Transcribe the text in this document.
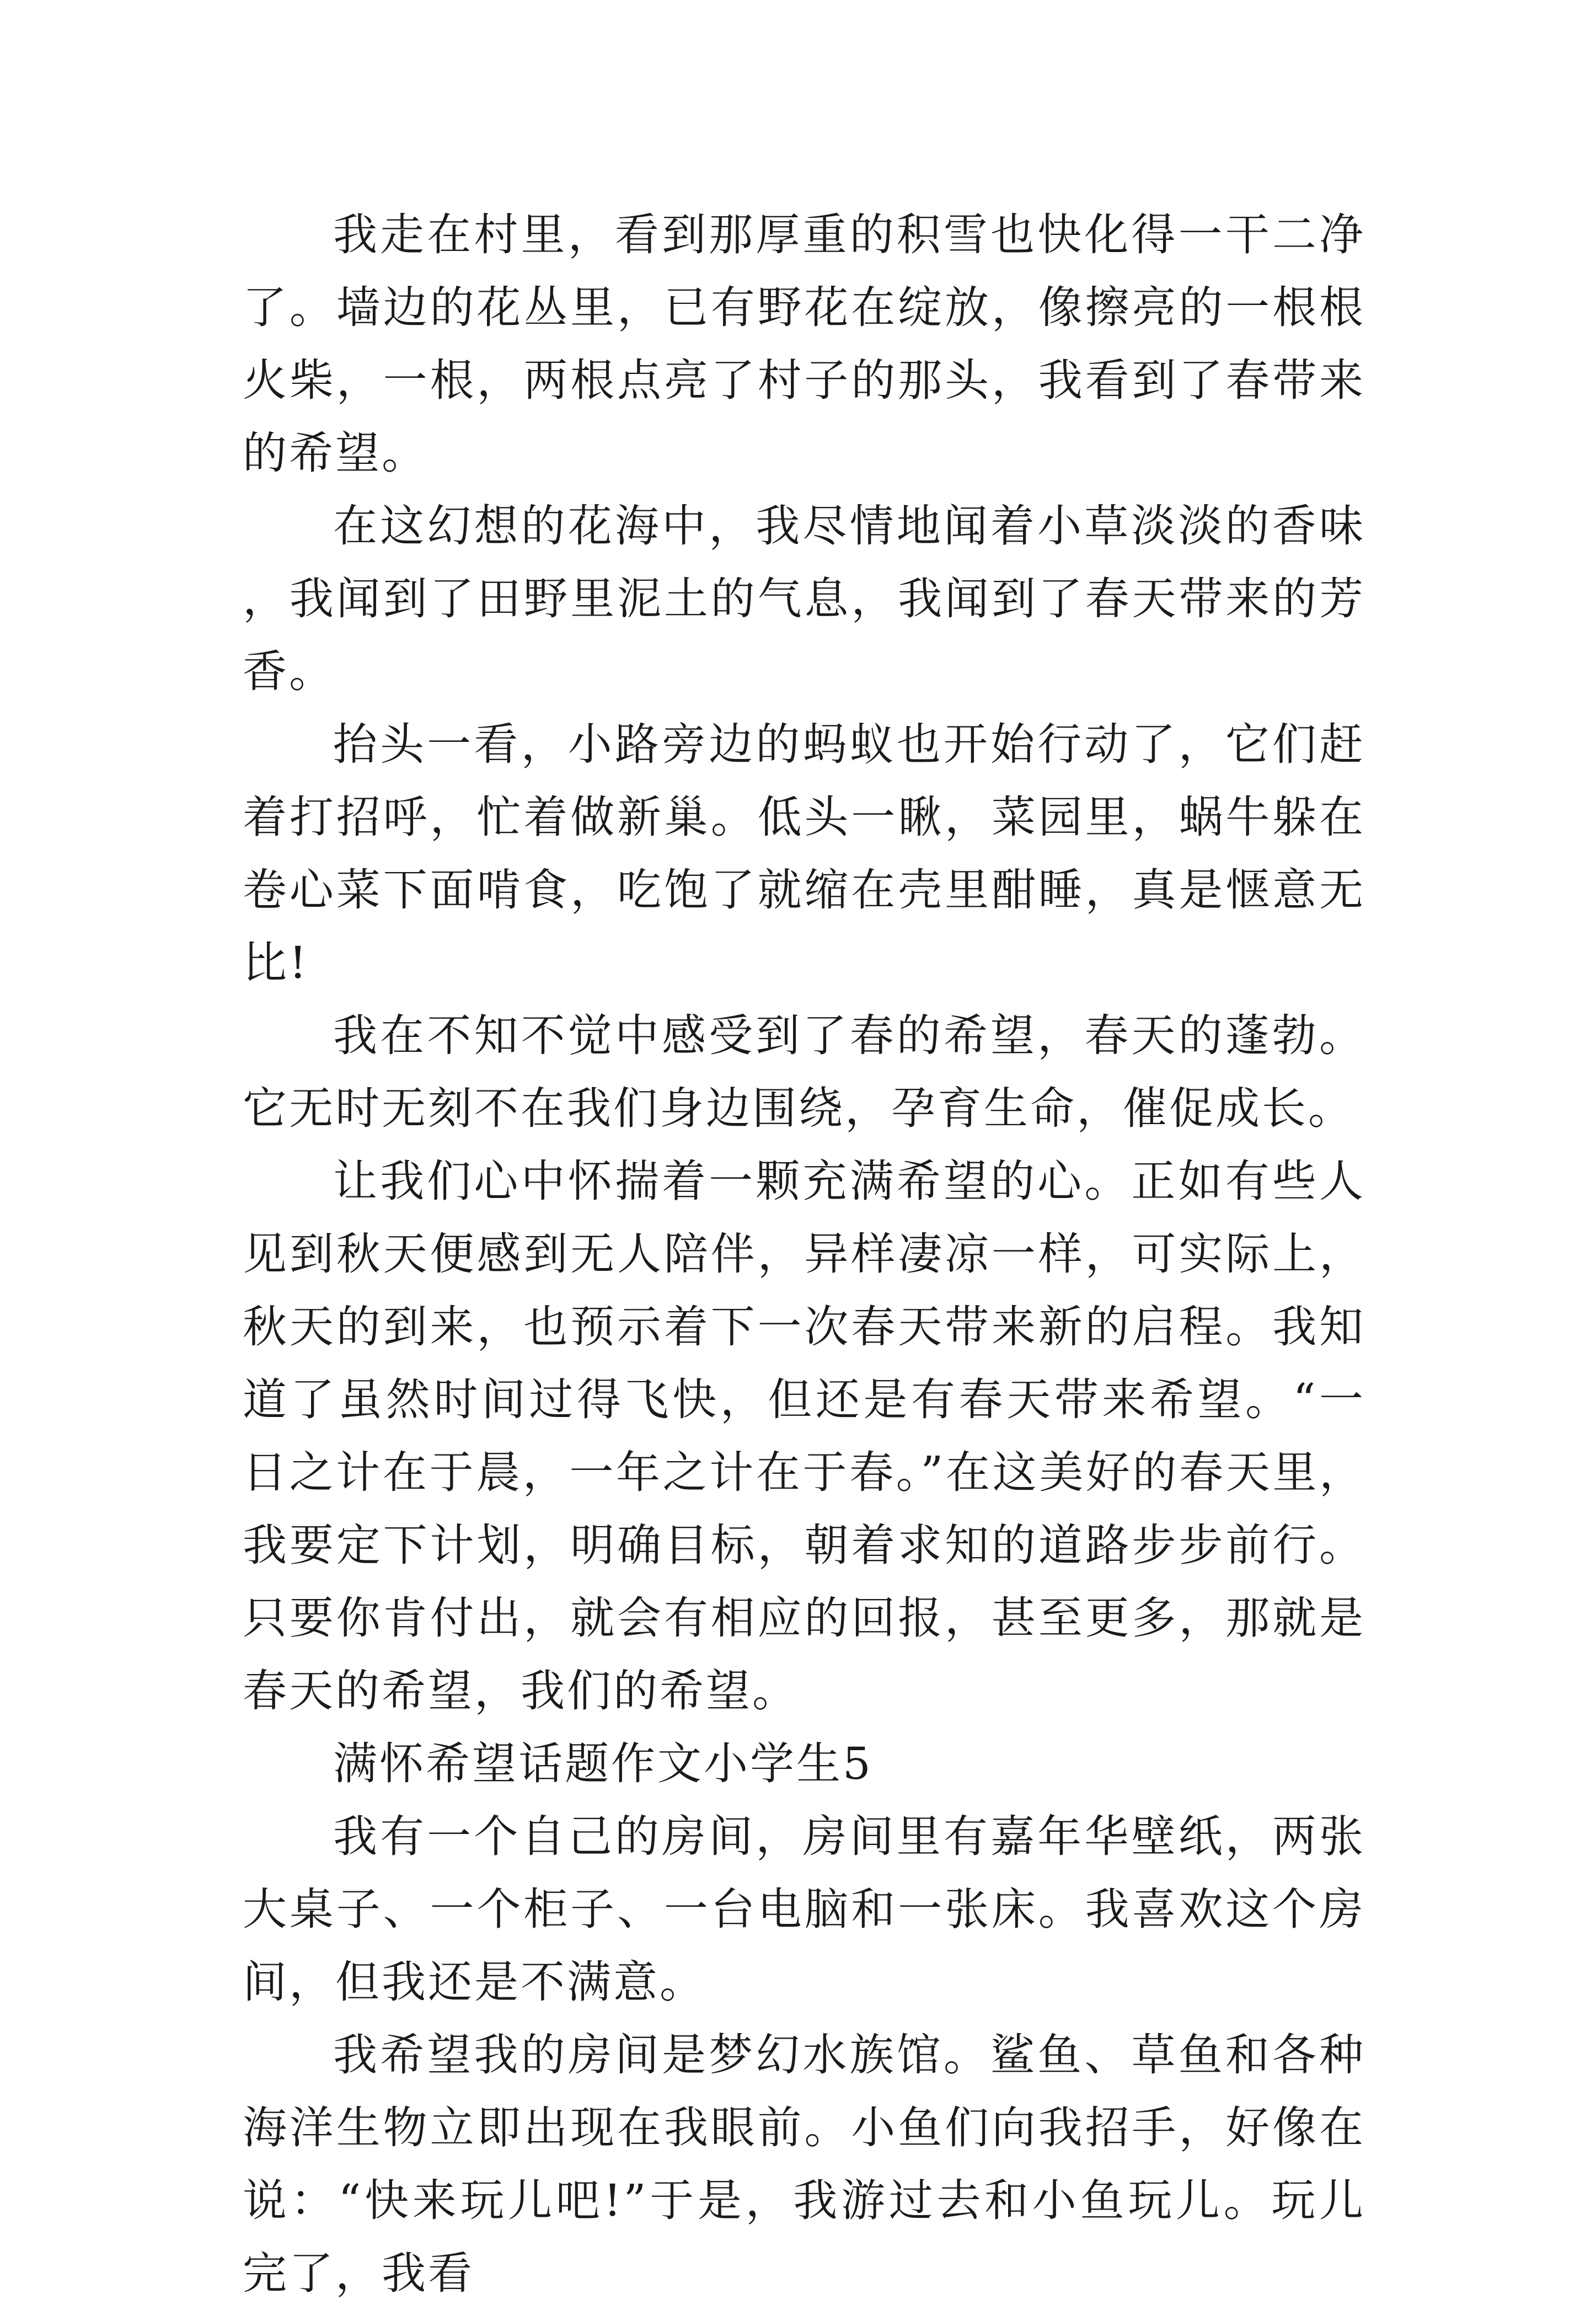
我走在村里，看到那厚重的积雪也快化得一干二净了。墙边的花丛里，已有野花在绽放，像擦亮的一根根火柴，一根，两根点亮了村子的那头，我看到了春带来的希望。

在这幻想的花海中，我尽情地闻着小草淡淡的香味，我闻到了田野里泥土的气息，我闻到了春天带来的芳香。

抬头一看，小路旁边的蚂蚁也开始行动了，它们赶着打招呼，忙着做新巢。低头一瞅，菜园里，蜗牛躲在卷心菜下面啃食，吃饱了就缩在壳里酣睡，真是惬意无比!

我在不知不觉中感受到了春的希望，春天的蓬勃。它无时无刻不在我们身边围绕，孕育生命，催促成长。

让我们心中怀揣着一颗充满希望的心。正如有些人见到秋天便感到无人陪伴，异样凄凉一样，可实际上，秋天的到来，也预示着下一次春天带来新的启程。我知道了虽然时间过得飞快，但还是有春天带来希望。“一日之计在于晨，一年之计在于春。”在这美好的春天里，我要定下计划，明确目标，朝着求知的道路步步前行。只要你肯付出，就会有相应的回报，甚至更多，那就是春天的希望，我们的希望。

满怀希望话题作文小学生5

我有一个自己的房间，房间里有嘉年华壁纸，两张大桌子、一个柜子、一台电脑和一张床。我喜欢这个房间，但我还是不满意。

我希望我的房间是梦幻水族馆。鲨鱼、草鱼和各种海洋生物立即出现在我眼前。小鱼们向我招手，好像在说：“快来玩儿吧!”于是，我游过去和小鱼玩儿。玩儿完了，我看
